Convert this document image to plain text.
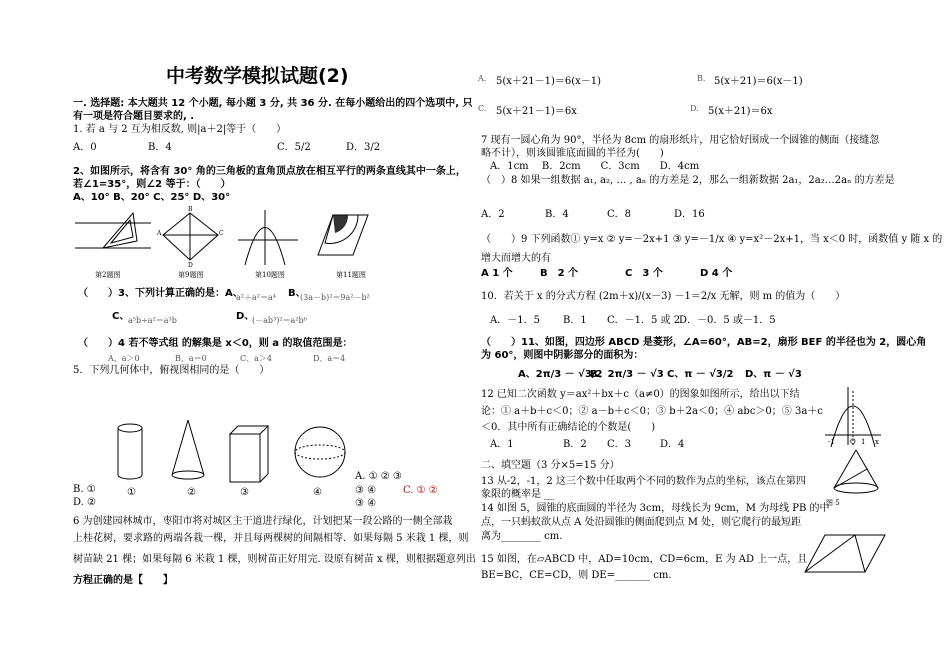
中考数学模拟试题(2)
一. 选择题: 本大题共 12 个小题, 每小题 3 分, 共 36 分. 在每小题给出的四个选项中, 只
有一项是符合题目要求的, .
1. 若 a 与 2 互为相反数, 则|a＋2|等于（　　）
A．0	B．4	C．5/2	D．3/2
2、如图所示，将含有 30° 角的三角板的直角顶点放在相互平行的两条直线其中一条上，
若∠1=35°，则∠2 等于：（　　）
A、10° B、20° C、25° D、30°
A	C
B
D
第2题图	第9题图	第10题图	第11题图
（　　）3、下列计算正确的是：A、
a²＋a²＝a⁴ B、
(3a－b)²＝9a²－b²
C、
a⁵b÷a²＝a³b	D、
(－ab³)²＝a²b⁶
（　　）4 若不等式组 的解集是 x＜0，则 a 的取值范围是：
A、a＞0	B、a＝0	C、a＞4	D、a＝4
5．下列几何体中，俯视图相同的是（　　）
①	②	③	④
A. ① ② ③
B. ①	③ ④	C. ① ②
D. ②	③ ④
6 为创建园林城市，枣阳市将对城区主干道进行绿化，计划把某一段公路的一侧全部栽
上桂花树，要求路的两端各栽一棵，并且每两棵树的间隔相等．如果每隔 5 米栽 1 棵，则
树苗缺 21 棵；如果每隔 6 米栽 1 棵，则树苗正好用完. 设原有树苗 x 棵，则根据题意列出
方程正确的是【　　】
A. 5(x＋21－1)＝6(x－1)	B. 5(x＋21)＝6(x－1)
C. 5(x＋21－1)＝6x	D. 5(x＋21)＝6x
7 现有一圆心角为 90°，半径为 8cm 的扇形纸片，用它恰好围成一个圆锥的侧面（接缝忽
略不计），则该圆锥底面圆的半径为(　　)
A．1cm　 B．2cm　　C．3cm　　D．4cm
（　）8 如果一组数据 a₁, a₂, … , aₙ 的方差是 2，那么一组新数据 2a₁，2a₂…2aₙ 的方差是
A．2	B．4	C．8	D．16
（　　）9 下列函数① y=x ② y=－2x+1 ③ y=－1/x ④ y=x²－2x+1，当 x＜0 时，函数值 y 随 x 的
增大而增大的有
A 1 个	B　2 个	C　3 个	D 4 个
10．若关于 x 的分式方程 (2m＋x)/(x－3) －1＝2/x 无解，则 m 的值为（　　）
A．－1．5 B．1 C．－1．5 或 2
D．－0．5 或－1．5
（　　）11、如图，四边形 ABCD 是菱形，∠A=60°，AB=2，扇形 BEF 的半径也为 2，圆心角
为 60°，则图中阴影部分的面积为：
A、2π/3 － √3/2
B、2π/3 － √3 C、π － √3/2 D、π － √3
12 已知二次函数 y＝ax²＋bx＋c（a≠0）的图象如图所示，给出以下结
论：① a＋b＋c＜0；② a－b＋c＜0；③ b＋2a＜0；④ abc＞0；⑤ 3a＋c
＜0．其中所有正确结论的个数是(　　)
A．1	B．2 C．3	D．4	-1 O 1 x
二、填空题（3 分×5=15 分）
13 从-2，-1，2 这三个数中任取两个不同的数作为点的坐标，该点在第四
象限的概率是 __
图 5
14 如图 5，圆锥的底面圆的半径为 3cm，母线长为 9cm，M 为母线 PB 的中
点，一只蚂蚁欲从点 A 处沿圆锥的侧面爬到点 M 处，则它爬行的最短距
离为________ cm.
15 如图，在▱ABCD 中，AD=10cm，CD=6cm，E 为 AD 上一点，且
BE=BC，CE=CD，则 DE=_______ cm.
